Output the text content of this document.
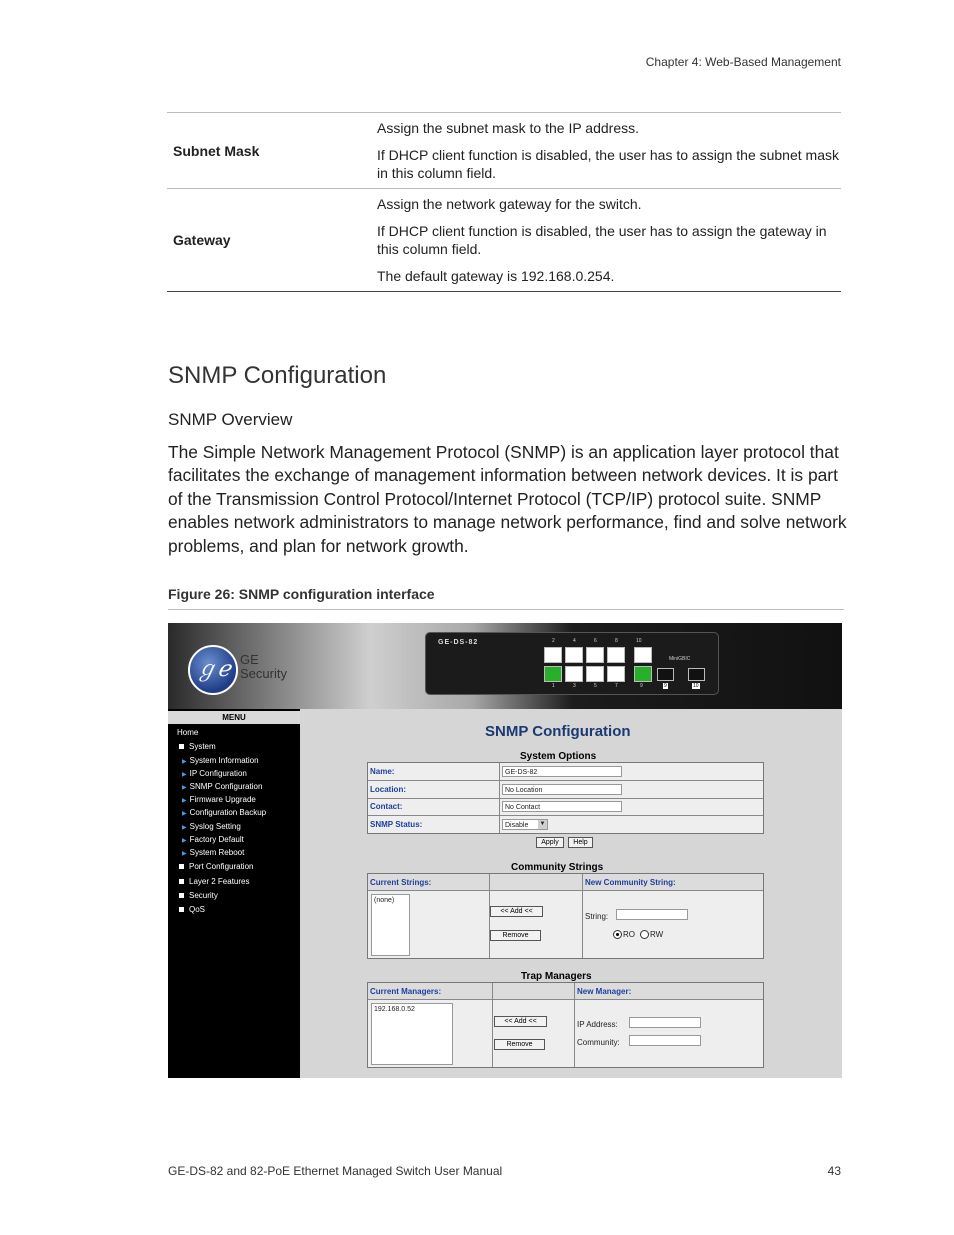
Chapter 4: Web-Based Management
Subnet Mask	Assign the subnet mask to the IP address.

If DHCP client function is disabled, the user has to assign the subnet mask in this column field.

Gateway	Assign the network gateway for the switch.

If DHCP client function is disabled, the user has to assign the gateway in this column field.

The default gateway is 192.168.0.254.

SNMP Configuration
SNMP Overview

The Simple Network Management Protocol (SNMP) is an application layer protocol that facilitates the exchange of management information between network devices. It is part of the Transmission Control Protocol/Internet Protocol (TCP/IP) protocol suite. SNMP enables network administrators to manage network performance, find and solve network problems, and plan for network growth.

Figure 26: SNMP configuration interface
ℊℯ GE
Security
GE-DS-82	2	4	6	8	10
1	3	5	7	9
MiniGBIC
9	10
MENU
Home
System
▶ System Information
▶ IP Configuration
▶ SNMP Configuration
▶ Firmware Upgrade
▶ Configuration Backup
▶ Syslog Setting
▶ Factory Default
▶ System Reboot
Port Configuration
Layer 2 Features
Security
QoS
SNMP Configuration
System Options
Name:	GE-DS-82
Location:	No Location
Contact:	No Contact
SNMP Status:	Disable ▼
Apply	Help
Community Strings
Current Strings:	New Community String:
(none)
<< Add <<
Remove
String:
RO RW
Trap Managers
Current Managers:	New Manager:
192.168.0.52
<< Add <<
Remove
IP Address:
Community:
GE-DS-82 and 82-PoE Ethernet Managed Switch User Manual	43
